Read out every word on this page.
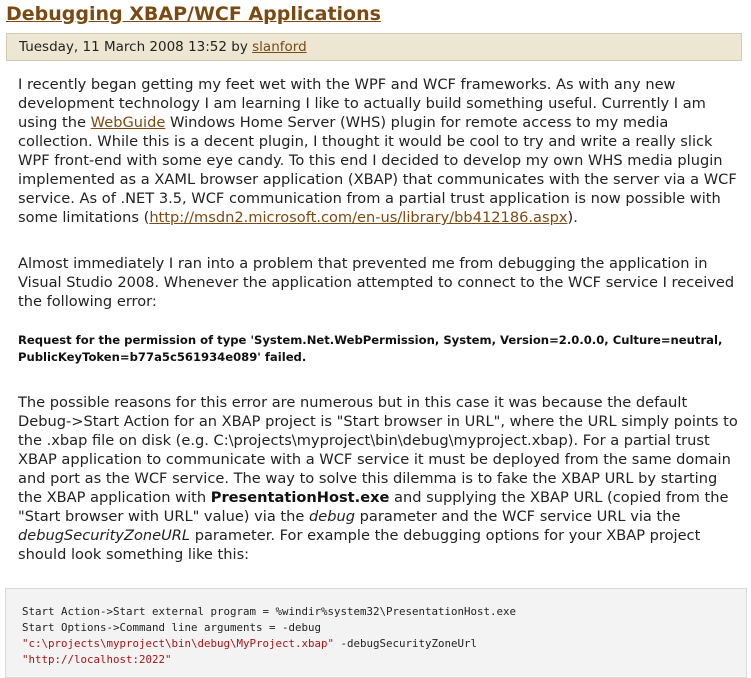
Debugging XBAP/WCF Applications
Tuesday, 11 March 2008 13:52 by slanford

I recently began getting my feet wet with the WPF and WCF frameworks. As with any new development technology I am learning I like to actually build something useful. Currently I am using the WebGuide Windows Home Server (WHS) plugin for remote access to my media collection. While this is a decent plugin, I thought it would be cool to try and write a really slick WPF front-end with some eye candy. To this end I decided to develop my own WHS media plugin implemented as a XAML browser application (XBAP) that communicates with the server via a WCF service. As of .NET 3.5, WCF communication from a partial trust application is now possible with some limitations (http://msdn2.microsoft.com/en-us/library/bb412186.aspx).

Almost immediately I ran into a problem that prevented me from debugging the application in Visual Studio 2008. Whenever the application attempted to connect to the WCF service I received the following error:

Request for the permission of type 'System.Net.WebPermission, System, Version=2.0.0.0, Culture=neutral, PublicKeyToken=b77a5c561934e089' failed.

The possible reasons for this error are numerous but in this case it was because the default Debug->Start Action for an XBAP project is "Start browser in URL", where the URL simply points to the .xbap file on disk (e.g. C:\projects\myproject\bin\debug\myproject.xbap). For a partial trust XBAP application to communicate with a WCF service it must be deployed from the same domain and port as the WCF service. The way to solve this dilemma is to fake the XBAP URL by starting the XBAP application with PresentationHost.exe and supplying the XBAP URL (copied from the "Start browser with URL" value) via the debug parameter and the WCF service URL via the debugSecurityZoneURL parameter. For example the debugging options for your XBAP project should look something like this:

Start Action->Start external program = %windir%system32\PresentationHost.exe
Start Options->Command line arguments = -debug
"c:\projects\myproject\bin\debug\MyProject.xbap" -debugSecurityZoneUrl
"http://localhost:2022"
